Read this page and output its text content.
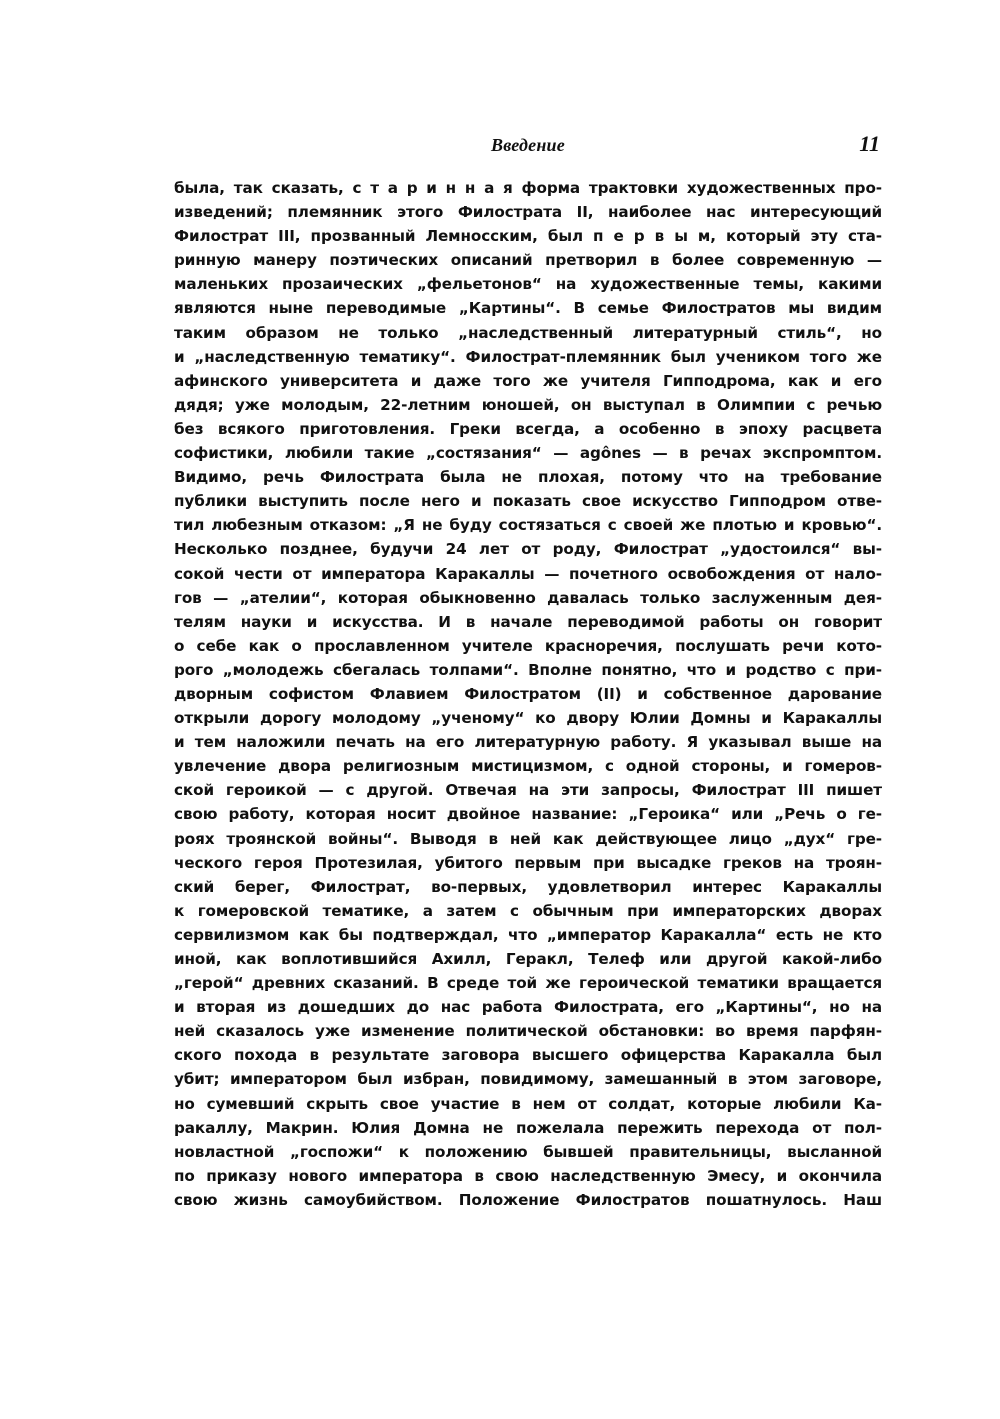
Введение	11
была, так сказать, с т а р и н н а я форма трактовки художественных про-
изведений; племянник этого Филострата II, наиболее нас интересующий
Филострат III, прозванный Лемносским, был п е р в ы м, который эту ста-
ринную манеру поэтических описаний претворил в более современную —
маленьких прозаических „фельетонов“ на художественные темы, какими
являются ныне переводимые „Картины“. В семье Филостратов мы видим
таким образом не только „наследственный литературный стиль“, но
и „наследственную тематику“. Филострат-племянник был учеником того же
афинского университета и даже того же учителя Гипподрома, как и его
дядя; уже молодым, 22-летним юношей, он выступал в Олимпии с речью
без всякого приготовления. Греки всегда, а особенно в эпоху расцвета
софистики, любили такие „состязания“ — agônes — в речах экспромптом.
Видимо, речь Филострата была не плохая, потому что на требование
публики выступить после него и показать свое искусство Гипподром отве-
тил любезным отказом: „Я не буду состязаться с своей же плотью и кровью“.
Несколько позднее, будучи 24 лет от роду, Филострат „удостоился“ вы-
сокой чести от императора Каракаллы — почетного освобождения от нало-
гов — „ателии“, которая обыкновенно давалась только заслуженным дея-
телям науки и искусства. И в начале переводимой работы он говорит
о себе как о прославленном учителе красноречия, послушать речи кото-
рого „молодежь сбегалась толпами“. Вполне понятно, что и родство с при-
дворным софистом Флавием Филостратом (II) и собственное дарование
открыли дорогу молодому „ученому“ ко двору Юлии Домны и Каракаллы
и тем наложили печать на его литературную работу. Я указывал выше на
увлечение двора религиозным мистицизмом, с одной стороны, и гомеров-
ской героикой — с другой. Отвечая на эти запросы, Филострат III пишет
свою работу, которая носит двойное название: „Героика“ или „Речь о ге-
роях троянской войны“. Выводя в ней как действующее лицо „дух“ гре-
ческого героя Протезилая, убитого первым при высадке греков на троян-
ский берег, Филострат, во-первых, удовлетворил интерес Каракаллы
к гомеровской тематике, а затем с обычным при императорских дворах
сервилизмом как бы подтверждал, что „император Каракалла“ есть не кто
иной, как воплотившийся Ахилл, Геракл, Телеф или другой какой-либо
„герой“ древних сказаний. В среде той же героической тематики вращается
и вторая из дошедших до нас работа Филострата, его „Картины“, но на
ней сказалось уже изменение политической обстановки: во время парфян-
ского похода в результате заговора высшего офицерства Каракалла был
убит; императором был избран, повидимому, замешанный в этом заговоре,
но сумевший скрыть свое участие в нем от солдат, которые любили Ка-
ракаллу, Макрин. Юлия Домна не пожелала пережить перехода от пол-
новластной „госпожи“ к положению бывшей правительницы, высланной
по приказу нового императора в свою наследственную Эмесу, и окончила
свою жизнь самоубийством. Положение Филостратов пошатнулось. Наш
